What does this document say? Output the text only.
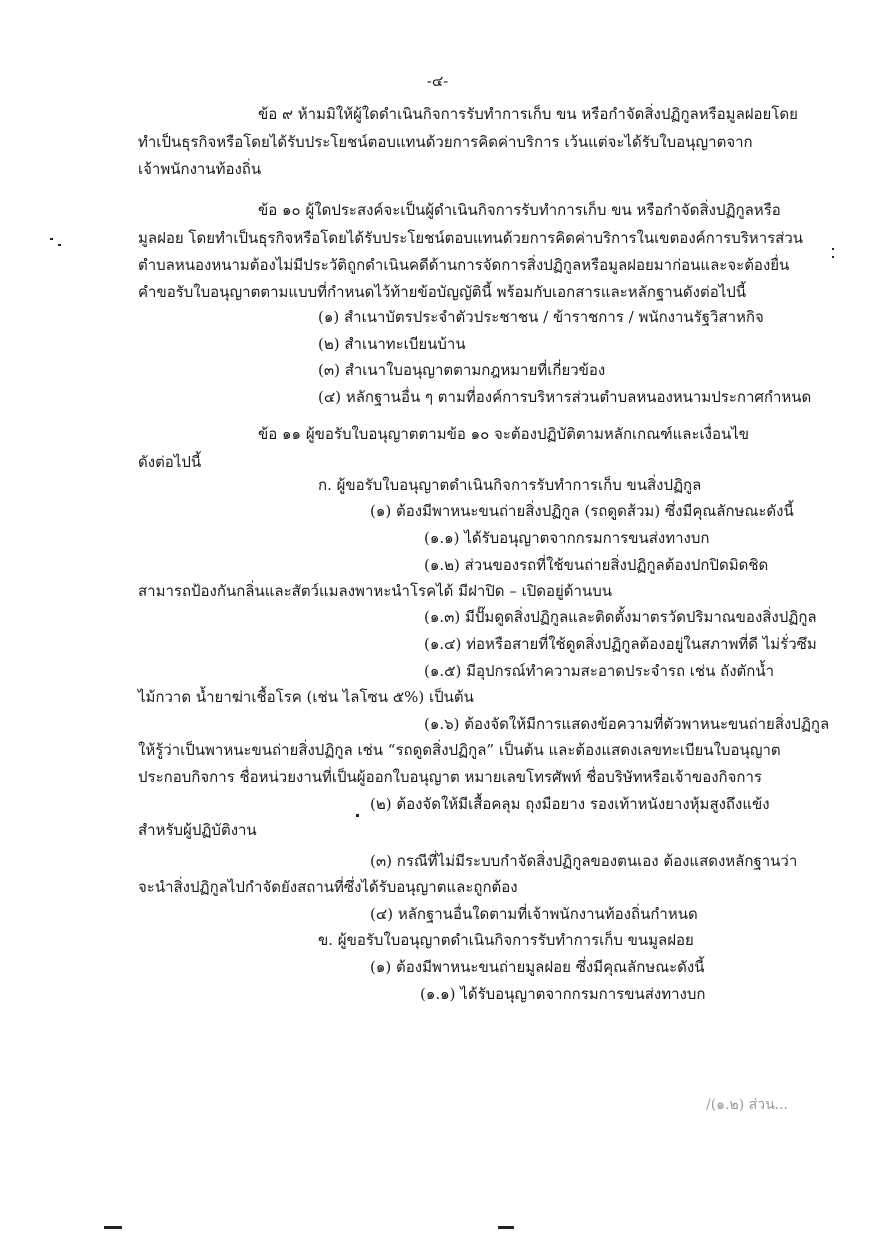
-๔-
ข้อ ๙ ห้ามมิให้ผู้ใดดำเนินกิจการรับทำการเก็บ ขน หรือกำจัดสิ่งปฏิกูลหรือมูลฝอยโดย
ทำเป็นธุรกิจหรือโดยได้รับประโยชน์ตอบแทนด้วยการคิดค่าบริการ เว้นแต่จะได้รับใบอนุญาตจาก
เจ้าพนักงานท้องถิ่น
ข้อ ๑๐ ผู้ใดประสงค์จะเป็นผู้ดำเนินกิจการรับทำการเก็บ ขน หรือกำจัดสิ่งปฏิกูลหรือ
มูลฝอย โดยทำเป็นธุรกิจหรือโดยได้รับประโยชน์ตอบแทนด้วยการคิดค่าบริการในเขตองค์การบริหารส่วน
ตำบลหนองหนามต้องไม่มีประวัติถูกดำเนินคดีด้านการจัดการสิ่งปฏิกูลหรือมูลฝอยมาก่อนและจะต้องยื่น
คำขอรับใบอนุญาตตามแบบที่กำหนดไว้ท้ายข้อบัญญัตินี้ พร้อมกับเอกสารและหลักฐานดังต่อไปนี้
(๑) สำเนาบัตรประจำตัวประชาชน / ข้าราชการ / พนักงานรัฐวิสาหกิจ
(๒) สำเนาทะเบียนบ้าน
(๓) สำเนาใบอนุญาตตามกฎหมายที่เกี่ยวข้อง
(๔) หลักฐานอื่น ๆ ตามที่องค์การบริหารส่วนตำบลหนองหนามประกาศกำหนด
ข้อ ๑๑ ผู้ขอรับใบอนุญาตตามข้อ ๑๐ จะต้องปฏิบัติตามหลักเกณฑ์และเงื่อนไข
ดังต่อไปนี้
ก. ผู้ขอรับใบอนุญาตดำเนินกิจการรับทำการเก็บ ขนสิ่งปฏิกูล
(๑) ต้องมีพาหนะขนถ่ายสิ่งปฏิกูล (รถดูดส้วม) ซึ่งมีคุณลักษณะดังนี้
(๑.๑) ได้รับอนุญาตจากกรมการขนส่งทางบก
(๑.๒) ส่วนของรถที่ใช้ขนถ่ายสิ่งปฏิกูลต้องปกปิดมิดชิด
สามารถป้องกันกลิ่นและสัตว์แมลงพาหะนำโรคได้ มีฝาปิด – เปิดอยู่ด้านบน
(๑.๓) มีปั๊มดูดสิ่งปฏิกูลและติดตั้งมาตรวัดปริมาณของสิ่งปฏิกูล
(๑.๔) ท่อหรือสายที่ใช้ดูดสิ่งปฏิกูลต้องอยู่ในสภาพที่ดี ไม่รั่วซึม
(๑.๕) มีอุปกรณ์ทำความสะอาดประจำรถ เช่น ถังตักน้ำ
ไม้กวาด น้ำยาฆ่าเชื้อโรค (เช่น ไลโซน ๕%) เป็นต้น
(๑.๖) ต้องจัดให้มีการแสดงข้อความที่ตัวพาหนะขนถ่ายสิ่งปฏิกูล
ให้รู้ว่าเป็นพาหนะขนถ่ายสิ่งปฏิกูล เช่น “รถดูดสิ่งปฏิกูล” เป็นต้น และต้องแสดงเลขทะเบียนใบอนุญาต
ประกอบกิจการ ชื่อหน่วยงานที่เป็นผู้ออกใบอนุญาต หมายเลขโทรศัพท์ ชื่อบริษัทหรือเจ้าของกิจการ
(๒) ต้องจัดให้มีเสื้อคลุม ถุงมือยาง รองเท้าหนังยางหุ้มสูงถึงแข้ง
สำหรับผู้ปฏิบัติงาน
(๓) กรณีที่ไม่มีระบบกำจัดสิ่งปฏิกูลของตนเอง ต้องแสดงหลักฐานว่า
จะนำสิ่งปฏิกูลไปกำจัดยังสถานที่ซึ่งได้รับอนุญาตและถูกต้อง
(๔) หลักฐานอื่นใดตามที่เจ้าพนักงานท้องถิ่นกำหนด
ข. ผู้ขอรับใบอนุญาตดำเนินกิจการรับทำการเก็บ ขนมูลฝอย
(๑) ต้องมีพาหนะขนถ่ายมูลฝอย ซึ่งมีคุณลักษณะดังนี้
(๑.๑) ได้รับอนุญาตจากกรมการขนส่งทางบก
/(๑.๒) ส่วน...
